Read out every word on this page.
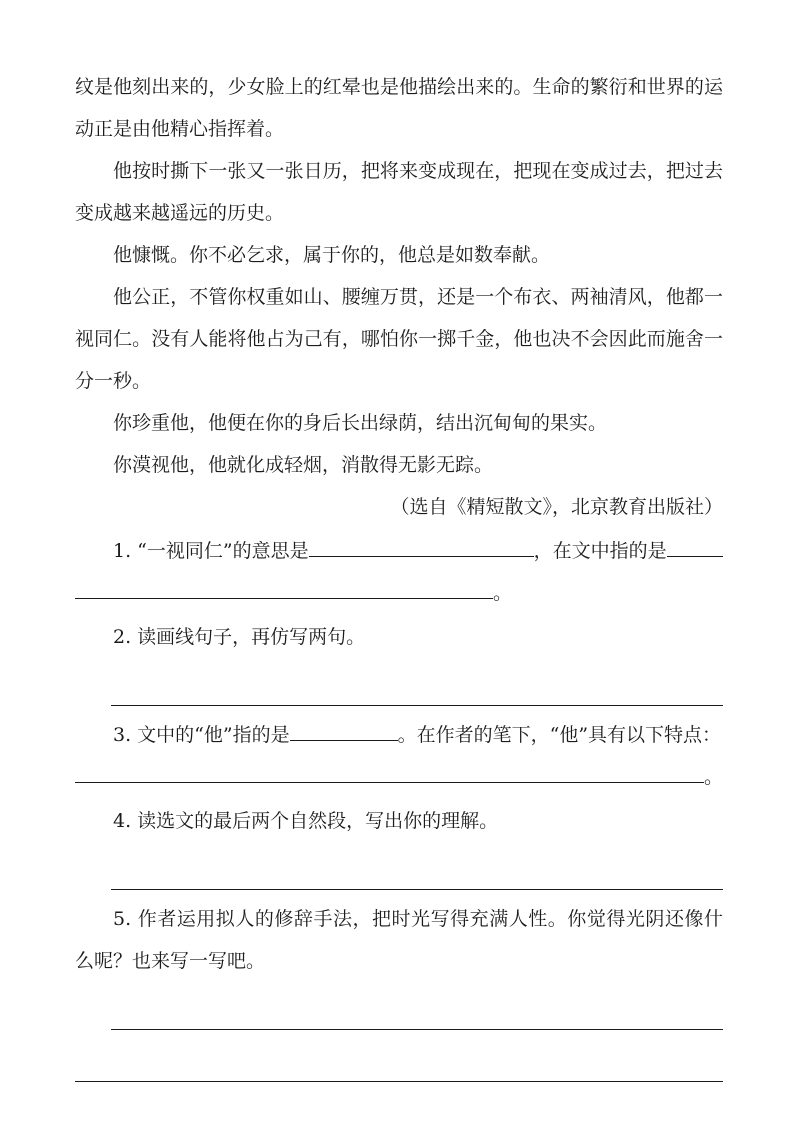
纹是他刻出来的，少女脸上的红晕也是他描绘出来的。生命的繁衍和世界的运动正是由他精心指挥着。

他按时撕下一张又一张日历，把将来变成现在，把现在变成过去，把过去变成越来越遥远的历史。

他慷慨。你不必乞求，属于你的，他总是如数奉献。

他公正，不管你权重如山、腰缠万贯，还是一个布衣、两袖清风，他都一视同仁。没有人能将他占为己有，哪怕你一掷千金，他也决不会因此而施舍一分一秒。

你珍重他，他便在你的身后长出绿荫，结出沉甸甸的果实。

你漠视他，他就化成轻烟，消散得无影无踪。

（选自《精短散文》，北京教育出版社）

1. “一视同仁”的意思是	，在文中指的是
。

2. 读画线句子，再仿写两句。

3. 文中的“他”指的是	。在作者的笔下，“他”具有以下特点：
。

4. 读选文的最后两个自然段，写出你的理解。

5. 作者运用拟人的修辞手法，把时光写得充满人性。你觉得光阴还像什么呢？也来写一写吧。
